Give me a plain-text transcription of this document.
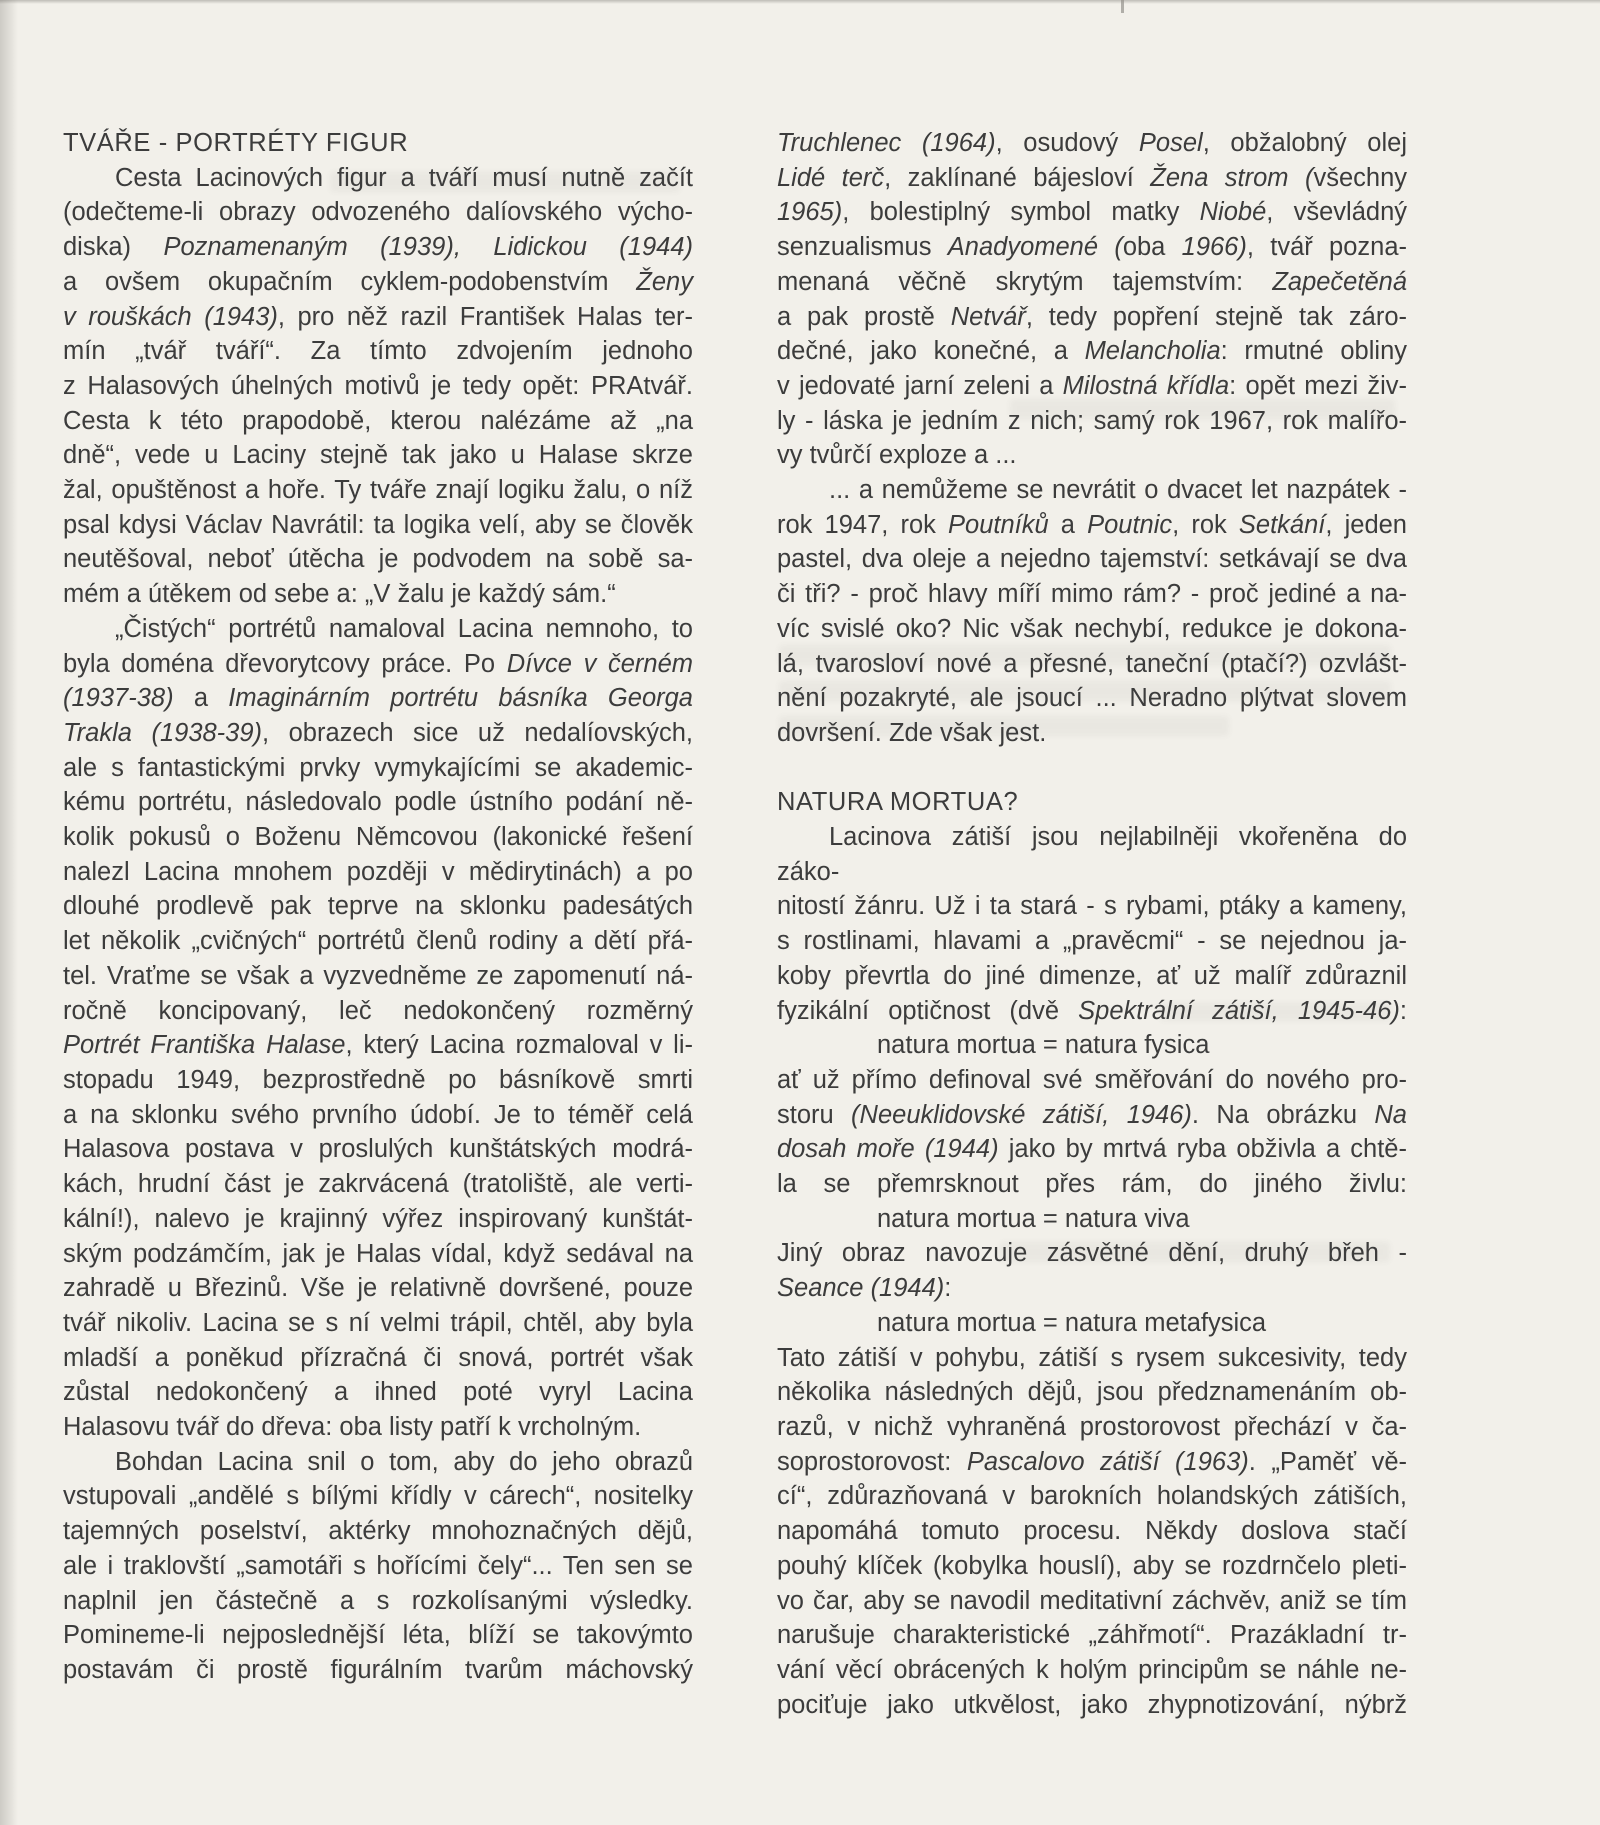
TVÁŘE - PORTRÉTY FIGUR
Cesta Lacinových figur a tváří musí nutně začít
(odečteme-li obrazy odvozeného dalíovského výcho-
diska) Poznamenaným (1939), Lidickou (1944)
a ovšem okupačním cyklem-podobenstvím Ženy
v rouškách (1943), pro něž razil František Halas ter-
mín „tvář tváří“. Za tímto zdvojením jednoho
z Halasových úhelných motivů je tedy opět: PRAtvář.
Cesta k této prapodobě, kterou nalézáme až „na
dně“, vede u Laciny stejně tak jako u Halase skrze
žal, opuštěnost a hoře. Ty tváře znají logiku žalu, o níž
psal kdysi Václav Navrátil: ta logika velí, aby se člověk
neutěšoval, neboť útěcha je podvodem na sobě sa-
mém a útěkem od sebe a: „V žalu je každý sám.“
„Čistých“ portrétů namaloval Lacina nemnoho, to
byla doména dřevorytcovy práce. Po Dívce v černém
(1937-38) a Imaginárním portrétu básníka Georga
Trakla (1938-39), obrazech sice už nedalíovských,
ale s fantastickými prvky vymykajícími se akademic-
kému portrétu, následovalo podle ústního podání ně-
kolik pokusů o Boženu Němcovou (lakonické řešení
nalezl Lacina mnohem později v mědirytinách) a po
dlouhé prodlevě pak teprve na sklonku padesátých
let několik „cvičných“ portrétů členů rodiny a dětí přá-
tel. Vraťme se však a vyzvedněme ze zapomenutí ná-
ročně koncipovaný, leč nedokončený rozměrný
Portrét Františka Halase, který Lacina rozmaloval v li-
stopadu 1949, bezprostředně po básníkově smrti
a na sklonku svého prvního údobí. Je to téměř celá
Halasova postava v proslulých kunštátských modrá-
kách, hrudní část je zakrvácená (tratoliště, ale verti-
kální!), nalevo je krajinný výřez inspirovaný kunštát-
ským podzámčím, jak je Halas vídal, když sedával na
zahradě u Březinů. Vše je relativně dovršené, pouze
tvář nikoliv. Lacina se s ní velmi trápil, chtěl, aby byla
mladší a poněkud přízračná či snová, portrét však
zůstal nedokončený a ihned poté vyryl Lacina
Halasovu tvář do dřeva: oba listy patří k vrcholným.
Bohdan Lacina snil o tom, aby do jeho obrazů
vstupovali „andělé s bílými křídly v cárech“, nositelky
tajemných poselství, aktérky mnohoznačných dějů,
ale i traklovští „samotáři s hořícími čely“... Ten sen se
naplnil jen částečně a s rozkolísanými výsledky.
Pomineme-li nejposlednější léta, blíží se takovýmto
postavám či prostě figurálním tvarům máchovský
Truchlenec (1964), osudový Posel, obžalobný olej
Lidé terč, zaklínané bájesloví Žena strom (všechny
1965), bolestiplný symbol matky Niobé, vševládný
senzualismus Anadyomené (oba 1966), tvář pozna-
menaná věčně skrytým tajemstvím: Zapečetěná
a pak prostě Netvář, tedy popření stejně tak záro-
dečné, jako konečné, a Melancholia: rmutné obliny
v jedovaté jarní zeleni a Milostná křídla: opět mezi živ-
ly - láska je jedním z nich; samý rok 1967, rok malířo-
vy tvůrčí exploze a ...
... a nemůžeme se nevrátit o dvacet let nazpátek -
rok 1947, rok Poutníků a Poutnic, rok Setkání, jeden
pastel, dva oleje a nejedno tajemství: setkávají se dva
či tři? - proč hlavy míří mimo rám? - proč jediné a na-
víc svislé oko? Nic však nechybí, redukce je dokona-
lá, tvarosloví nové a přesné, taneční (ptačí?) ozvlášt-
nění pozakryté, ale jsoucí ... Neradno plýtvat slovem
dovršení. Zde však jest.
NATURA MORTUA?
Lacinova zátiší jsou nejlabilněji vkořeněna do záko-
nitostí žánru. Už i ta stará - s rybami, ptáky a kameny,
s rostlinami, hlavami a „pravěcmi“ - se nejednou ja-
koby převrtla do jiné dimenze, ať už malíř zdůraznil
fyzikální optičnost (dvě Spektrální zátiší, 1945-46):
natura mortua = natura fysica
ať už přímo definoval své směřování do nového pro-
storu (Neeuklidovské zátiší, 1946). Na obrázku Na
dosah moře (1944) jako by mrtvá ryba obživla a chtě-
la se přemrsknout přes rám, do jiného živlu:
natura mortua = natura viva
Jiný obraz navozuje zásvětné dění, druhý břeh -
Seance (1944):
natura mortua = natura metafysica
Tato zátiší v pohybu, zátiší s rysem sukcesivity, tedy
několika následných dějů, jsou předznamenáním ob-
razů, v nichž vyhraněná prostorovost přechází v ča-
soprostorovost: Pascalovo zátiší (1963). „Paměť vě-
cí“, zdůrazňovaná v barokních holandských zátiších,
napomáhá tomuto procesu. Někdy doslova stačí
pouhý klíček (kobylka houslí), aby se rozdrnčelo pleti-
vo čar, aby se navodil meditativní záchvěv, aniž se tím
narušuje charakteristické „záhřmotí“. Prazákladní tr-
vání věcí obrácených k holým principům se náhle ne-
pociťuje jako utkvělost, jako zhypnotizování, nýbrž
